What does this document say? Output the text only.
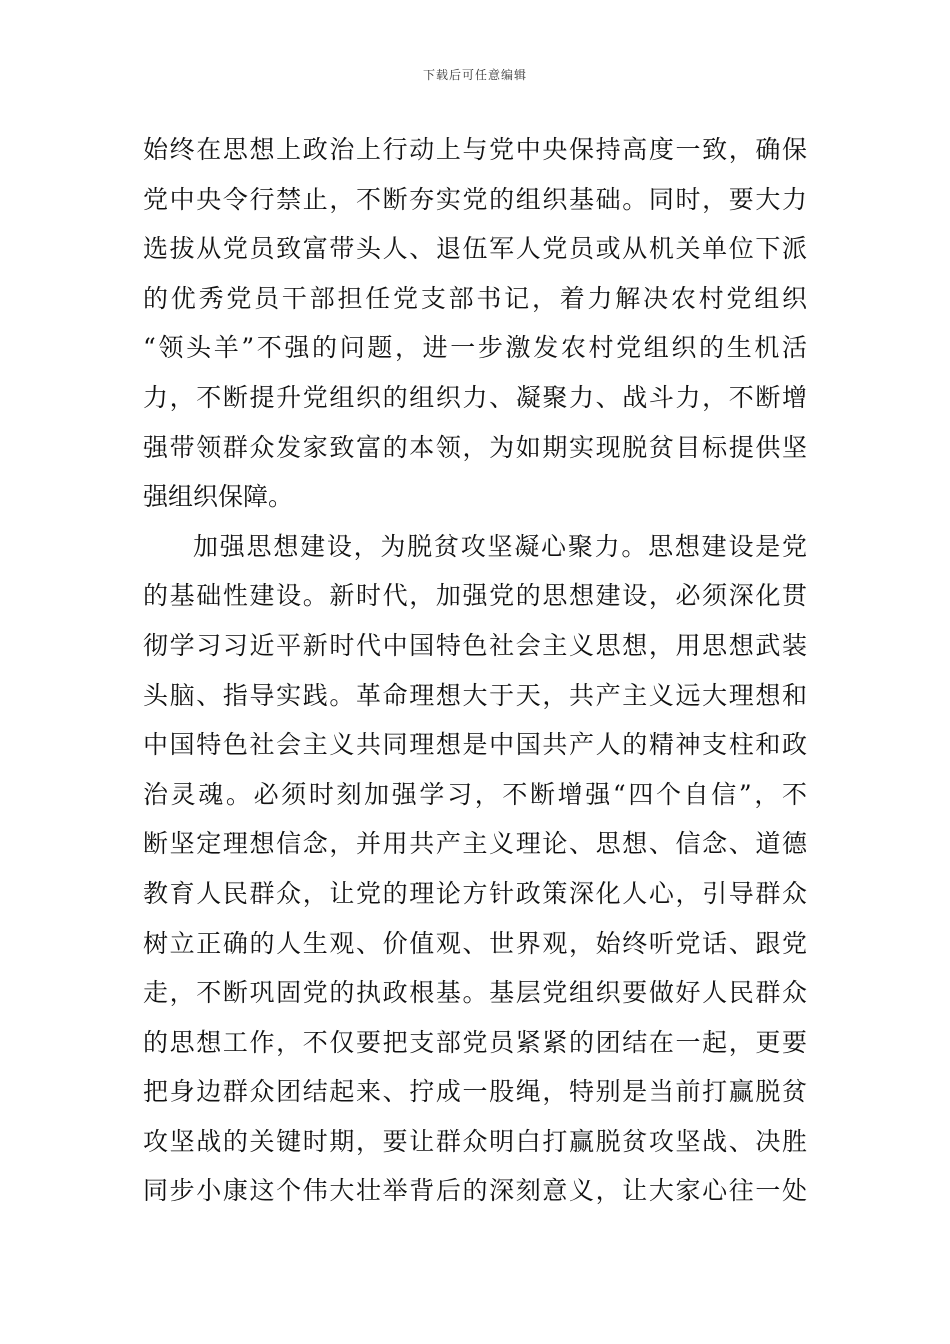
下载后可任意编辑
始终在思想上政治上行动上与党中央保持高度一致，确保
党中央令行禁止，不断夯实党的组织基础。同时，要大力
选拔从党员致富带头人、退伍军人党员或从机关单位下派
的优秀党员干部担任党支部书记，着力解决农村党组织
“领头羊”不强的问题，进一步激发农村党组织的生机活
力，不断提升党组织的组织力、凝聚力、战斗力，不断增
强带领群众发家致富的本领，为如期实现脱贫目标提供坚
强组织保障。
加强思想建设，为脱贫攻坚凝心聚力。思想建设是党
的基础性建设。新时代，加强党的思想建设，必须深化贯
彻学习习近平新时代中国特色社会主义思想，用思想武装
头脑、指导实践。革命理想大于天，共产主义远大理想和
中国特色社会主义共同理想是中国共产人的精神支柱和政
治灵魂。必须时刻加强学习，不断增强“四个自信”，不
断坚定理想信念，并用共产主义理论、思想、信念、道德
教育人民群众，让党的理论方针政策深化人心，引导群众
树立正确的人生观、价值观、世界观，始终听党话、跟党
走，不断巩固党的执政根基。基层党组织要做好人民群众
的思想工作，不仅要把支部党员紧紧的团结在一起，更要
把身边群众团结起来、拧成一股绳，特别是当前打赢脱贫
攻坚战的关键时期，要让群众明白打赢脱贫攻坚战、决胜
同步小康这个伟大壮举背后的深刻意义，让大家心往一处
